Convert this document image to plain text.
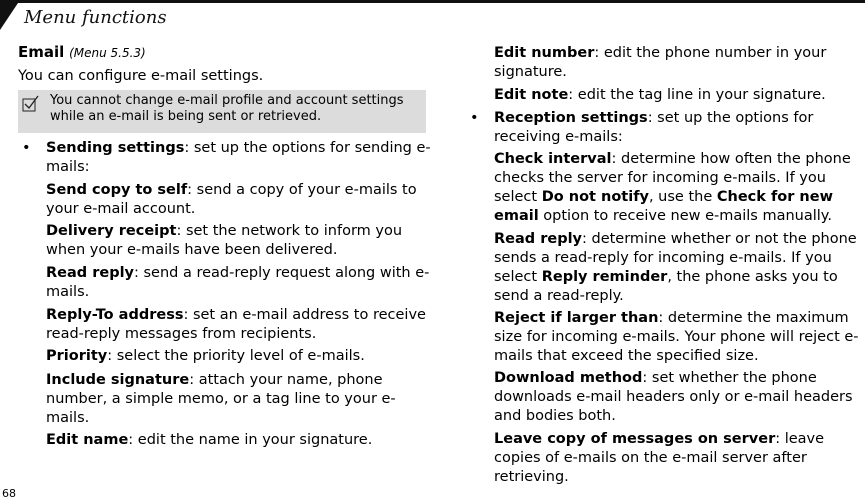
Menu functions
Email (Menu 5.5.3)
You can configure e-mail settings.
You cannot change e-mail profile and account settings while an e-mail is being sent or retrieved.
• Sending settings: set up the options for sending e-mails:
Send copy to self: send a copy of your e-mails to your e-mail account.
Delivery receipt: set the network to inform you when your e-mails have been delivered.
Read reply: send a read-reply request along with e-mails.
Reply-To address: set an e-mail address to receive read-reply messages from recipients.
Priority: select the priority level of e-mails.
Include signature: attach your name, phone number, a simple memo, or a tag line to your e-mails.
Edit name: edit the name in your signature.
Edit number: edit the phone number in your signature.
Edit note: edit the tag line in your signature.
• Reception settings: set up the options for receiving e-mails:
Check interval: determine how often the phone checks the server for incoming e-mails. If you select Do not notify, use the Check for new email option to receive new e-mails manually.
Read reply: determine whether or not the phone sends a read-reply for incoming e-mails. If you select Reply reminder, the phone asks you to send a read-reply.
Reject if larger than: determine the maximum size for incoming e-mails. Your phone will reject e-mails that exceed the specified size.
Download method: set whether the phone downloads e-mail headers only or e-mail headers and bodies both.
Leave copy of messages on server: leave copies of e-mails on the e-mail server after retrieving.
68
